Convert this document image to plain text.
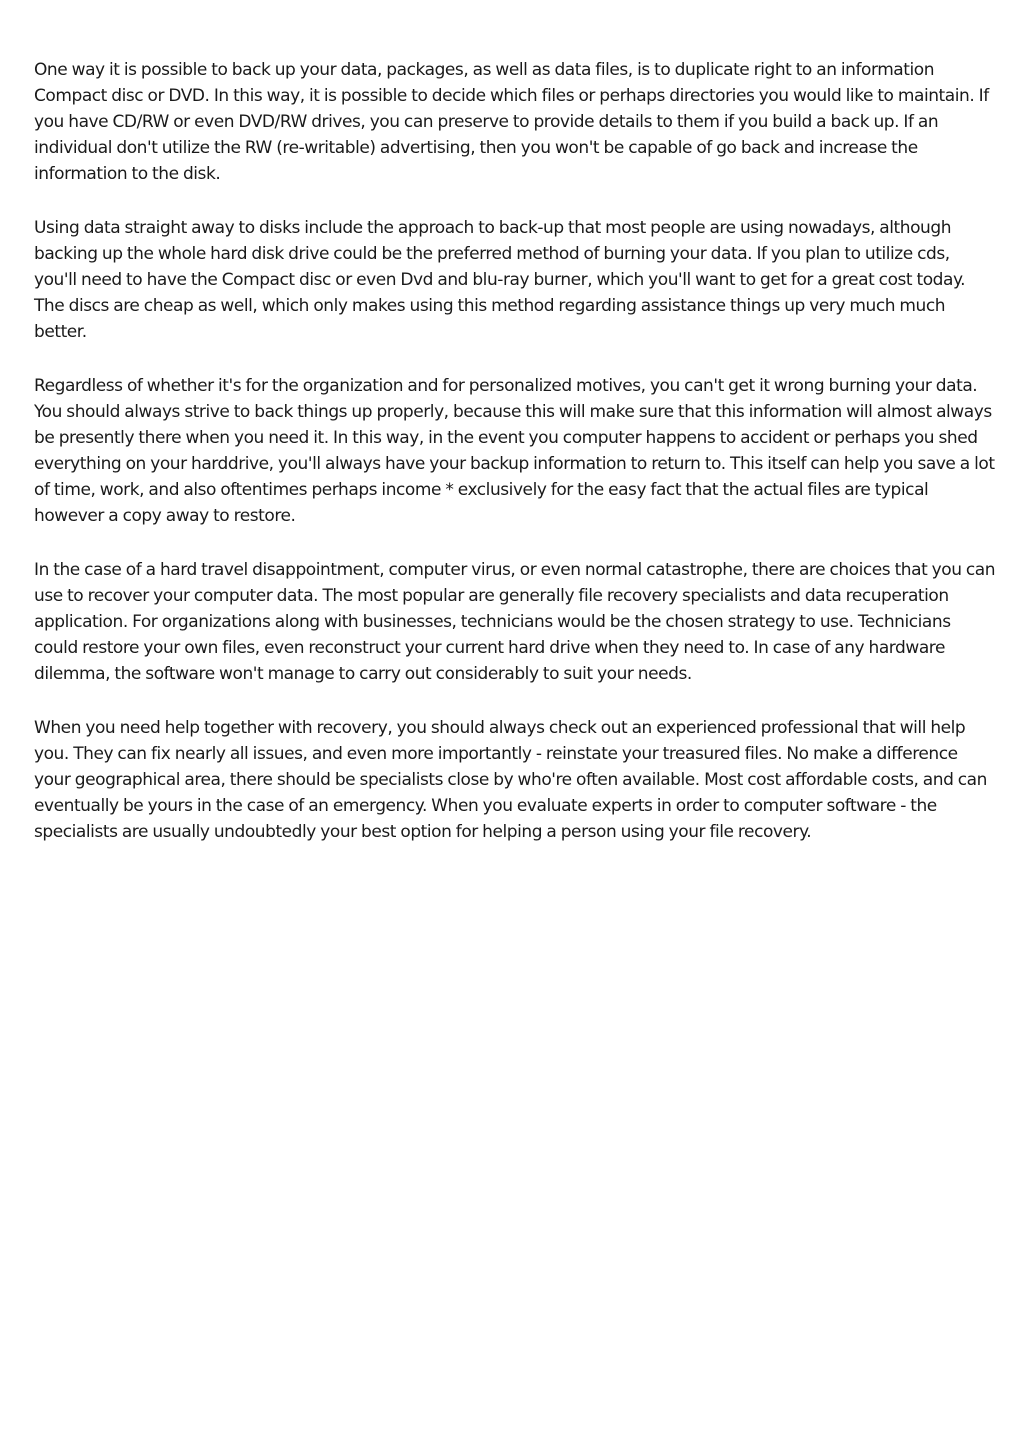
One way it is possible to back up your data, packages, as well as data files, is to duplicate right to an information Compact disc or DVD. In this way, it is possible to decide which files or perhaps directories you would like to maintain. If you have CD/RW or even DVD/RW drives, you can preserve to provide details to them if you build a back up. If an individual don't utilize the RW (re-writable) advertising, then you won't be capable of go back and increase the information to the disk.

Using data straight away to disks include the approach to back-up that most people are using nowadays, although backing up the whole hard disk drive could be the preferred method of burning your data. If you plan to utilize cds, you'll need to have the Compact disc or even Dvd and blu-ray burner, which you'll want to get for a great cost today. The discs are cheap as well, which only makes using this method regarding assistance things up very much much better.

Regardless of whether it's for the organization and for personalized motives, you can't get it wrong burning your data. You should always strive to back things up properly, because this will make sure that this information will almost always be presently there when you need it. In this way, in the event you computer happens to accident or perhaps you shed everything on your harddrive, you'll always have your backup information to return to. This itself can help you save a lot of time, work, and also oftentimes perhaps income * exclusively for the easy fact that the actual files are typical however a copy away to restore.

In the case of a hard travel disappointment, computer virus, or even normal catastrophe, there are choices that you can use to recover your computer data. The most popular are generally file recovery specialists and data recuperation application. For organizations along with businesses, technicians would be the chosen strategy to use. Technicians could restore your own files, even reconstruct your current hard drive when they need to. In case of any hardware dilemma, the software won't manage to carry out considerably to suit your needs.

When you need help together with recovery, you should always check out an experienced professional that will help you. They can fix nearly all issues, and even more importantly - reinstate your treasured files. No make a difference your geographical area, there should be specialists close by who're often available. Most cost affordable costs, and can eventually be yours in the case of an emergency. When you evaluate experts in order to computer software - the specialists are usually undoubtedly your best option for helping a person using your file recovery.
